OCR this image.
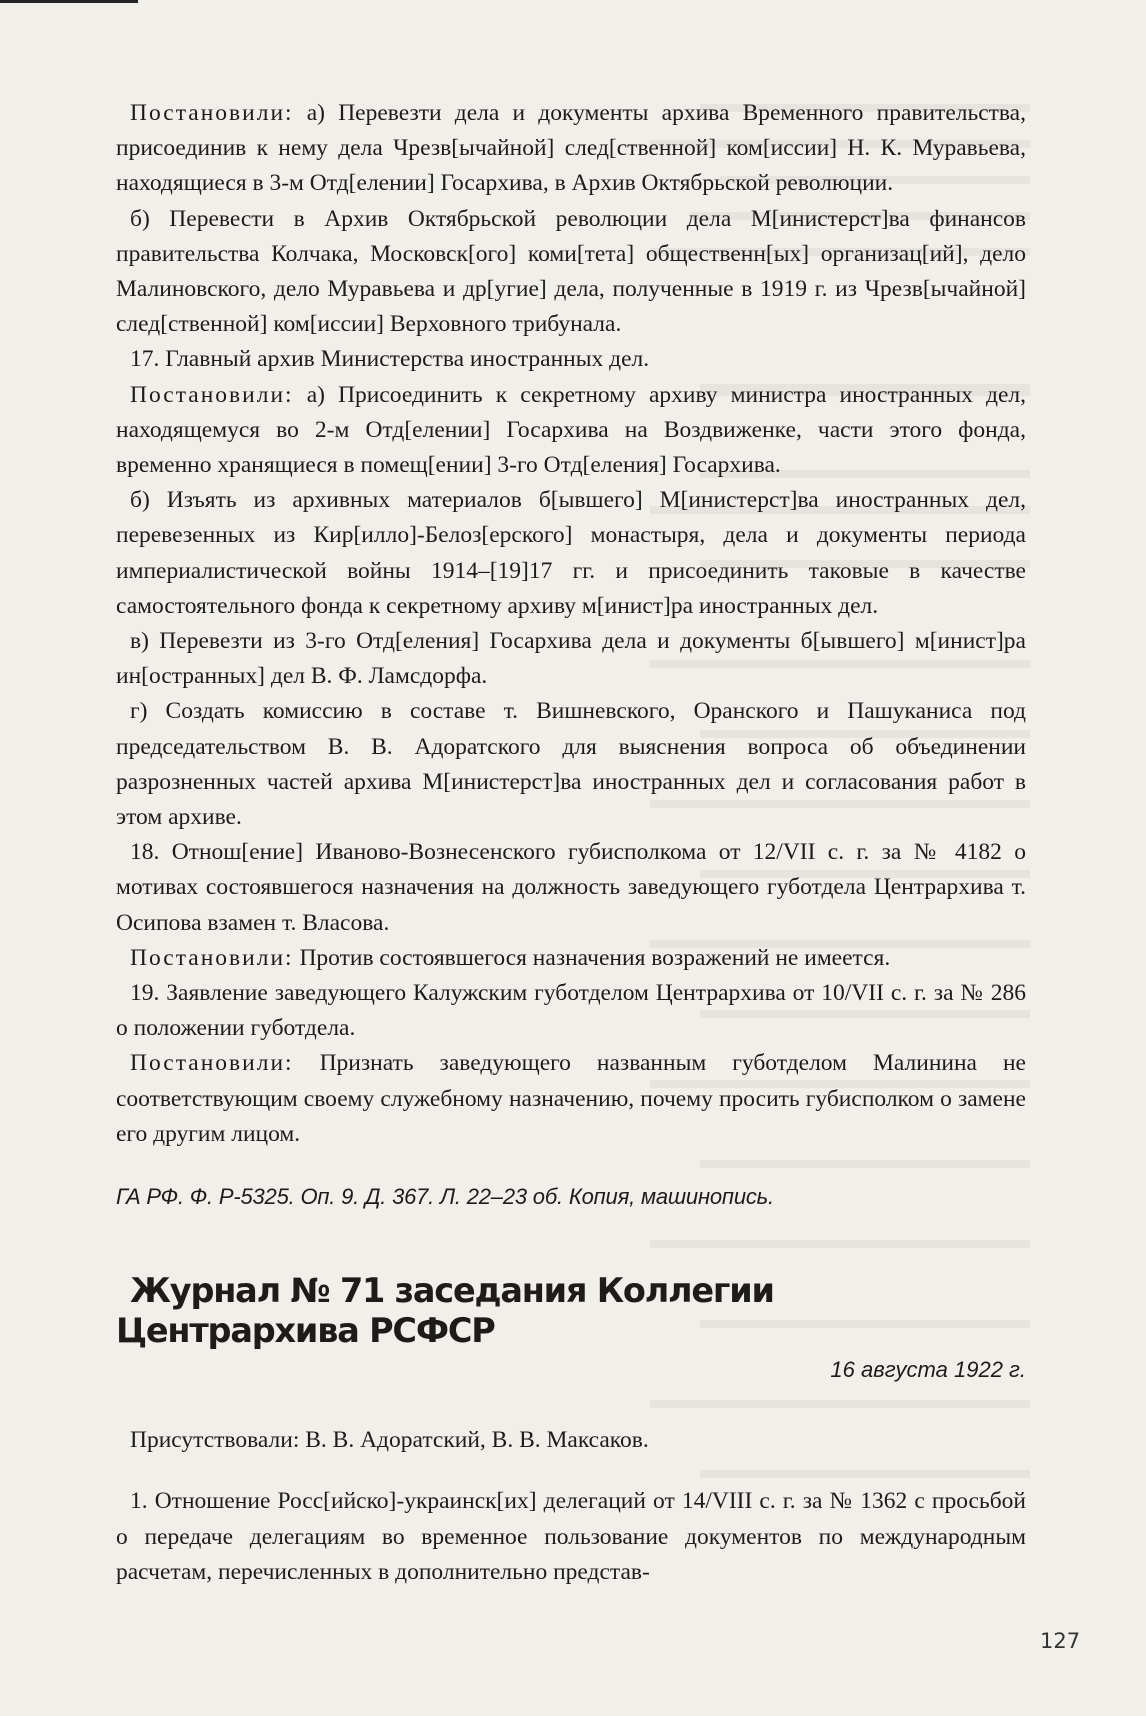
Постановили: а) Перевезти дела и документы архива Временного правительства, присоединив к нему дела Чрезв[ычайной] след[ственной] ком[иссии] Н. К. Муравьева, находящиеся в 3-м Отд[елении] Госархива, в Архив Октябрьской революции.

б) Перевести в Архив Октябрьской революции дела М[инистерст]ва финансов правительства Колчака, Московск[ого] коми[тета] общественн[ых] организац[ий], дело Малиновского, дело Муравьева и др[угие] дела, полученные в 1919 г. из Чрезв[ычайной] след[ственной] ком[иссии] Верховного трибунала.

17. Главный архив Министерства иностранных дел.

Постановили: а) Присоединить к секретному архиву министра иностранных дел, находящемуся во 2-м Отд[елении] Госархива на Воздвиженке, части этого фонда, временно хранящиеся в помещ[ении] 3-го Отд[еления] Госархива.

б) Изъять из архивных материалов б[ывшего] М[инистерст]ва иностранных дел, перевезенных из Кир[илло]-Белоз[ерского] монастыря, дела и документы периода империалистической войны 1914–[19]17 гг. и присоединить таковые в качестве самостоятельного фонда к секретному архиву м[инист]ра иностранных дел.

в) Перевезти из 3-го Отд[еления] Госархива дела и документы б[ывшего] м[инист]ра ин[остранных] дел В. Ф. Ламсдорфа.

г) Создать комиссию в составе т. Вишневского, Оранского и Пашуканиса под председательством В. В. Адоратского для выяснения вопроса об объединении разрозненных частей архива М[инистерст]ва иностранных дел и согласования работ в этом архиве.

18. Отнош[ение] Иваново-Вознесенского губисполкома от 12/VII с. г. за № 4182 о мотивах состоявшегося назначения на должность заведующего губотдела Центрархива т. Осипова взамен т. Власова.

Постановили: Против состоявшегося назначения возражений не имеется.

19. Заявление заведующего Калужским губотделом Центрархива от 10/VII с. г. за № 286 о положении губотдела.

Постановили: Признать заведующего названным губотделом Малинина не соответствующим своему служебному назначению, почему просить губисполком о замене его другим лицом.

ГА РФ. Ф. Р-5325. Оп. 9. Д. 367. Л. 22–23 об. Копия, машинопись.
Журнал № 71 заседания Коллегии Центрархива РСФСР
16 августа 1922 г.

Присутствовали: В. В. Адоратский, В. В. Максаков.

1. Отношение Росс[ийско]-украинск[их] делегаций от 14/VIII с. г. за № 1362 с просьбой о передаче делегациям во временное пользование документов по международным расчетам, перечисленных в дополнительно представ-

127
